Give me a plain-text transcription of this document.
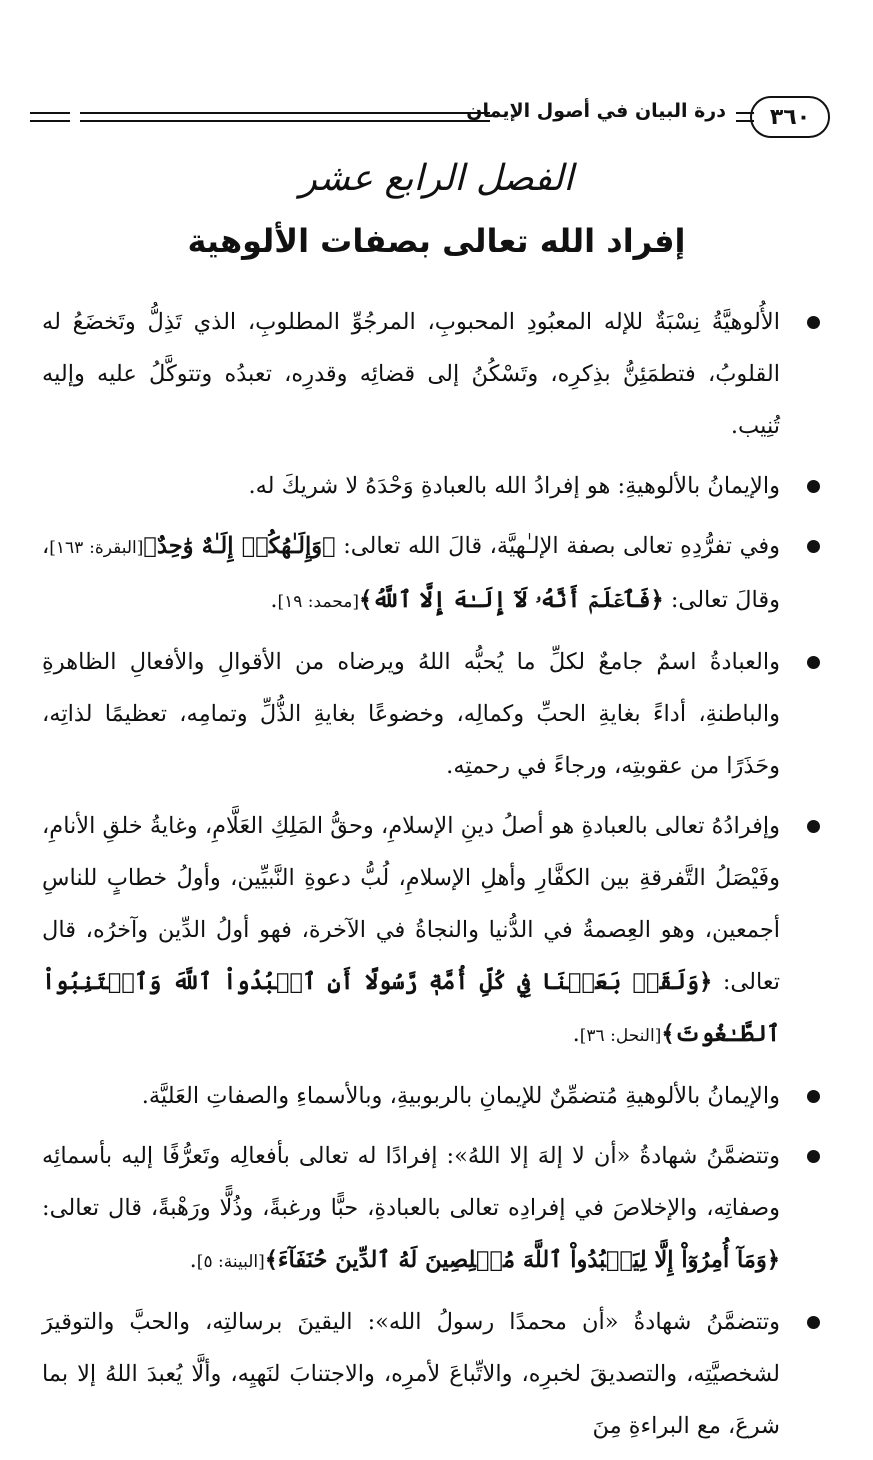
٣٦٠
درة البيان في أصول الإيمان
الفصل الرابع عشر
إفراد الله تعالى بصفات الألوهية

الأُلوهيَّةُ نِسْبَةٌ للإله المعبُودِ المحبوبِ، المرجُوِّ المطلوبِ، الذي تَذِلُّ وتَخضَعُ له القلوبُ، فتطمَئِنُّ بذِكرِه، وتَسْكُنُ إلى قضائِه وقدرِه، تعبدُه وتتوكَّلُ عليه وإليه تُنِيب.

والإيمانُ بالألوهيةِ: هو إفرادُ الله بالعبادةِ وَحْدَهُ لا شريكَ له.

وفي تفرُّدِهِ تعالى بصفة الإلـٰهيَّة، قالَ الله تعالى: ﴿وَإِلَـٰهُكُمۡ إِلَـٰهٌ وَٰحِدٌ﴾[البقرة: ١٦٣]، وقالَ تعالى: ﴿فَٱعۡلَمۡ أَنَّهُۥ لَآ إِلَـٰهَ إِلَّا ٱللَّهُ﴾[محمد: ١٩].

والعبادةُ اسمٌ جامعٌ لكلِّ ما يُحبُّه اللهُ ويرضاه من الأقوالِ والأفعالِ الظاهرةِ والباطنةِ، أداءً بغايةِ الحبِّ وكمالِه، وخضوعًا بغايةِ الذُّلِّ وتمامِه، تعظيمًا لذاتِه، وحَذَرًا من عقوبتِه، ورجاءً في رحمتِه.

وإفرادُهُ تعالى بالعبادةِ هو أصلُ دينِ الإسلامِ، وحقُّ المَلِكِ العَلَّامِ، وغايةُ خلقِ الأنامِ، وفَيْصَلُ التَّفرقةِ بين الكفَّارِ وأهلِ الإسلامِ، لُبُّ دعوةِ النَّبيِّين، وأولُ خطابٍ للناسِ أجمعين، وهو العِصمةُ في الدُّنيا والنجاةُ في الآخرة، فهو أولُ الدِّين وآخرُه، قال تعالى: ﴿وَلَقَدۡ بَعَثۡنَا فِي كُلِّ أُمَّةٖ رَّسُولًا أَنِ ٱعۡبُدُواْ ٱللَّهَ وَٱجۡتَنِبُواْ ٱلطَّـٰغُوتَ﴾[النحل: ٣٦].

والإيمانُ بالألوهيةِ مُتضمِّنٌ للإيمانِ بالربوبيةِ، وبالأسماءِ والصفاتِ العَليَّة.

وتتضمَّنُ شهادةُ «أن لا إلهَ إلا اللهُ»: إفرادًا له تعالى بأفعالِه وتَعرُّفًا إليه بأسمائِه وصفاتِه، والإخلاصَ في إفرادِه تعالى بالعبادةِ، حبًّا ورغبةً، وذُلًّا ورَهْبةً، قال تعالى: ﴿وَمَآ أُمِرُوٓاْ إِلَّا لِيَعۡبُدُواْ ٱللَّهَ مُخۡلِصِينَ لَهُ ٱلدِّينَ حُنَفَآءَ﴾[البينة: ٥].

وتتضمَّنُ شهادةُ «أن محمدًا رسولُ الله»: اليقينَ برسالتِه، والحبَّ والتوقيرَ لشخصيَّتِه، والتصديقَ لخبرِه، والاتِّباعَ لأمرِه، والاجتنابَ لنَهيِه، وألَّا يُعبدَ اللهُ إلا بما شرعَ، مع البراءةِ مِنَ
